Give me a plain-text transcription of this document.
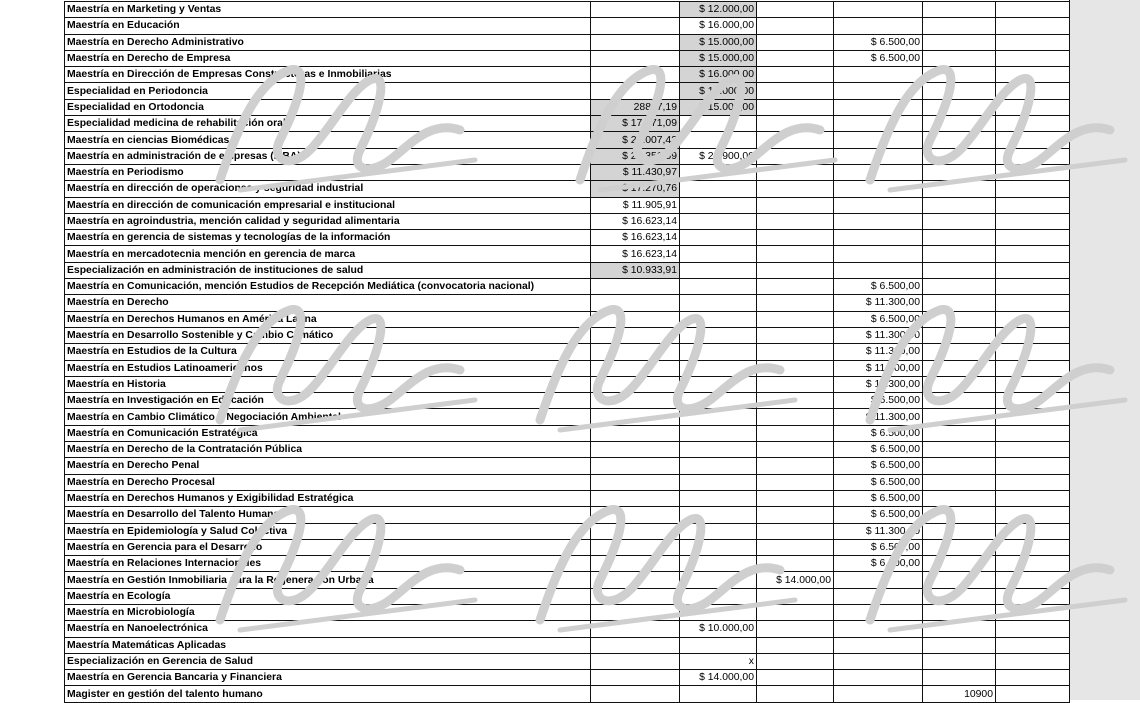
Maestría en Marketing y Ventas		$ 12.000,00				
Maestría en Educación		$ 16.000,00				
Maestría en Derecho Administrativo		$ 15.000,00		$ 6.500,00		
Maestría en Derecho de Empresa		$ 15.000,00		$ 6.500,00		
Maestría en Dirección de Empresas Constructoras e Inmobiliarias		$ 16.000,00				
Especialidad en Periodoncia		$ 12.000,00				
Especialidad en Ortodoncia	28867,19	$ 15.000,00				
Especialidad medicina de rehabilitación oral	$ 17.971,09					
Maestría en ciencias Biomédicas	$ 24.007,43					
Maestría en administración de empresas (MBA)	$ 21.351,59	$ 20.900,00				
Maestría en Periodismo	$ 11.430,97					
Maestría en dirección de operaciones y seguridad industrial	$ 17.270,76					
Maestría en dirección de comunicación empresarial e institucional	$ 11.905,91					
Maestría en agroindustria, mención calidad y seguridad alimentaria	$ 16.623,14					
Maestría en gerencia de sistemas y tecnologías de la información	$ 16.623,14					
Maestría en mercadotecnia mención en gerencia de marca	$ 16.623,14					
Especialización en administración de instituciones de salud	$ 10.933,91					
Maestría en Comunicación, mención Estudios de Recepción Mediática (convocatoria nacional)				$ 6.500,00		
Maestría en Derecho				$ 11.300,00		
Maestría en Derechos Humanos en América Latina				$ 6.500,00		
Maestría en Desarrollo Sostenible y Cambio Climático				$ 11.300,00		
Maestría en Estudios de la Cultura				$ 11.300,00		
Maestría en Estudios Latinoamericanos				$ 11.300,00		
Maestría en Historia				$ 11.300,00		
Maestría en Investigación en Educación				$ 6.500,00		
Maestría en Cambio Climático y Negociación Ambiental				$ 11.300,00		
Maestría en Comunicación Estratégica				$ 6.500,00		
Maestría en Derecho de la Contratación Pública				$ 6.500,00		
Maestría en Derecho Penal				$ 6.500,00		
Maestría en Derecho Procesal				$ 6.500,00		
Maestría en Derechos Humanos y Exigibilidad Estratégica				$ 6.500,00		
Maestría en Desarrollo del Talento Humano				$ 6.500,00		
Maestría en Epidemiología y Salud Colectiva				$ 11.300,00		
Maestría en Gerencia para el Desarrollo				$ 6.500,00		
Maestría en Relaciones Internacionales				$ 6.500,00		
Maestría en Gestión Inmobiliaria para la Regeneración Urbana			$ 14.000,00			
Maestría en Ecología						
Maestría en Microbiología						
Maestría en Nanoelectrónica		$ 10.000,00				
Maestría Matemáticas Aplicadas						
Especialización en Gerencia de Salud		x				
Maestría en Gerencia Bancaria y Financiera		$ 14.000,00				
Magister en gestión del talento humano					10900	
